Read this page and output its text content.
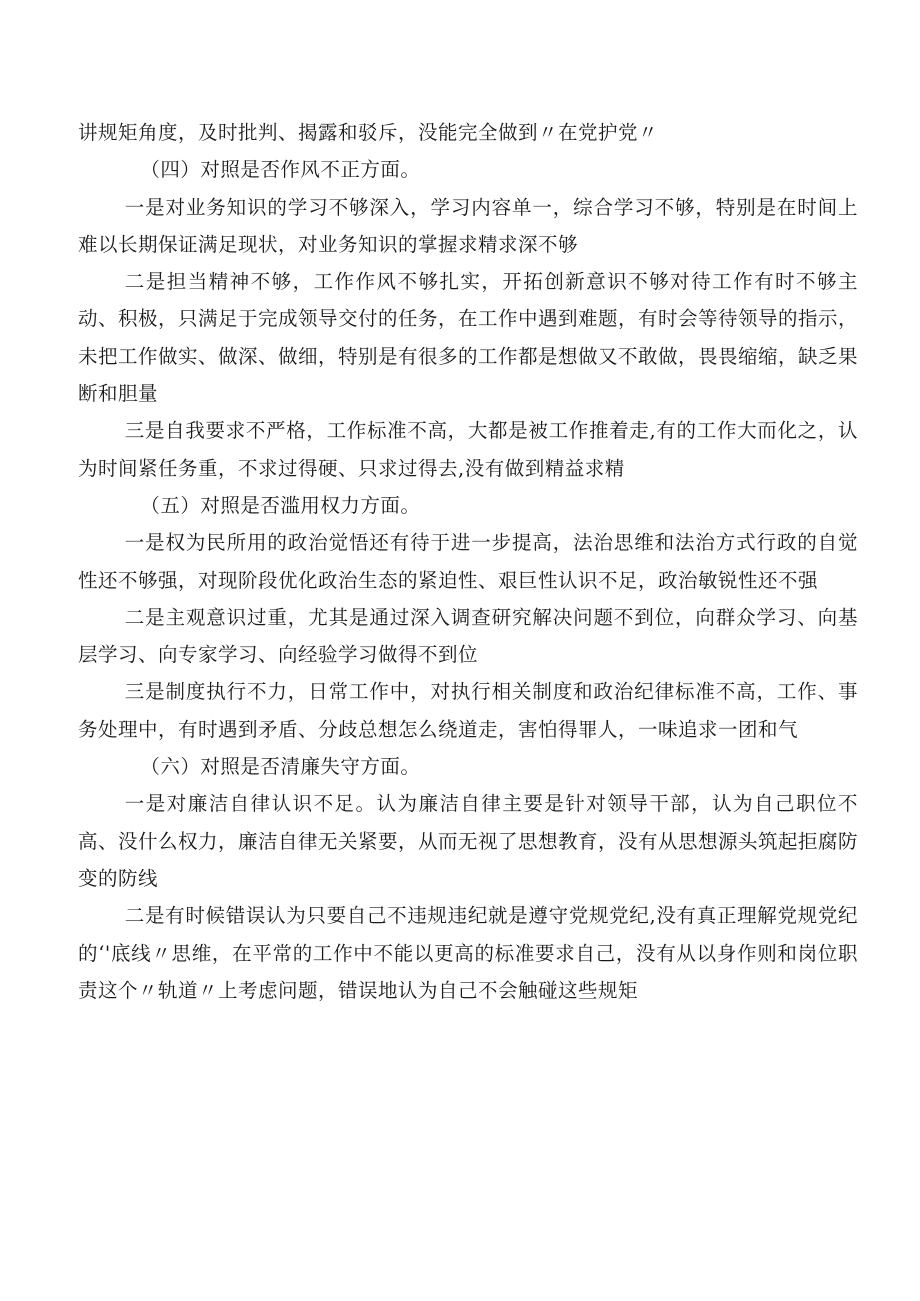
讲规矩角度，及时批判、揭露和驳斥，没能完全做到〃在党护党〃

（四）对照是否作风不正方面。

一是对业务知识的学习不够深入，学习内容单一，综合学习不够，特别是在时间上难以长期保证满足现状，对业务知识的掌握求精求深不够

二是担当精神不够，工作作风不够扎实，开拓创新意识不够对待工作有时不够主动、积极，只满足于完成领导交付的任务，在工作中遇到难题，有时会等待领导的指示，未把工作做实、做深、做细，特别是有很多的工作都是想做又不敢做，畏畏缩缩，缺乏果断和胆量

三是自我要求不严格，工作标准不高，大都是被工作推着走,有的工作大而化之，认为时间紧任务重，不求过得硬、只求过得去,没有做到精益求精

（五）对照是否滥用权力方面。

一是权为民所用的政治觉悟还有待于进一步提高，法治思维和法治方式行政的自觉性还不够强，对现阶段优化政治生态的紧迫性、艰巨性认识不足，政治敏锐性还不强

二是主观意识过重，尤其是通过深入调查研究解决问题不到位，向群众学习、向基层学习、向专家学习、向经验学习做得不到位

三是制度执行不力，日常工作中，对执行相关制度和政治纪律标准不高，工作、事务处理中，有时遇到矛盾、分歧总想怎么绕道走，害怕得罪人，一味追求一团和气

（六）对照是否清廉失守方面。

一是对廉洁自律认识不足。认为廉洁自律主要是针对领导干部，认为自己职位不高、没什么权力，廉洁自律无关紧要，从而无视了思想教育，没有从思想源头筑起拒腐防变的防线

二是有时候错误认为只要自己不违规违纪就是遵守党规党纪,没有真正理解党规党纪的‘'底线〃思维，在平常的工作中不能以更高的标准要求自己，没有从以身作则和岗位职责这个〃轨道〃上考虑问题，错误地认为自己不会触碰这些规矩
